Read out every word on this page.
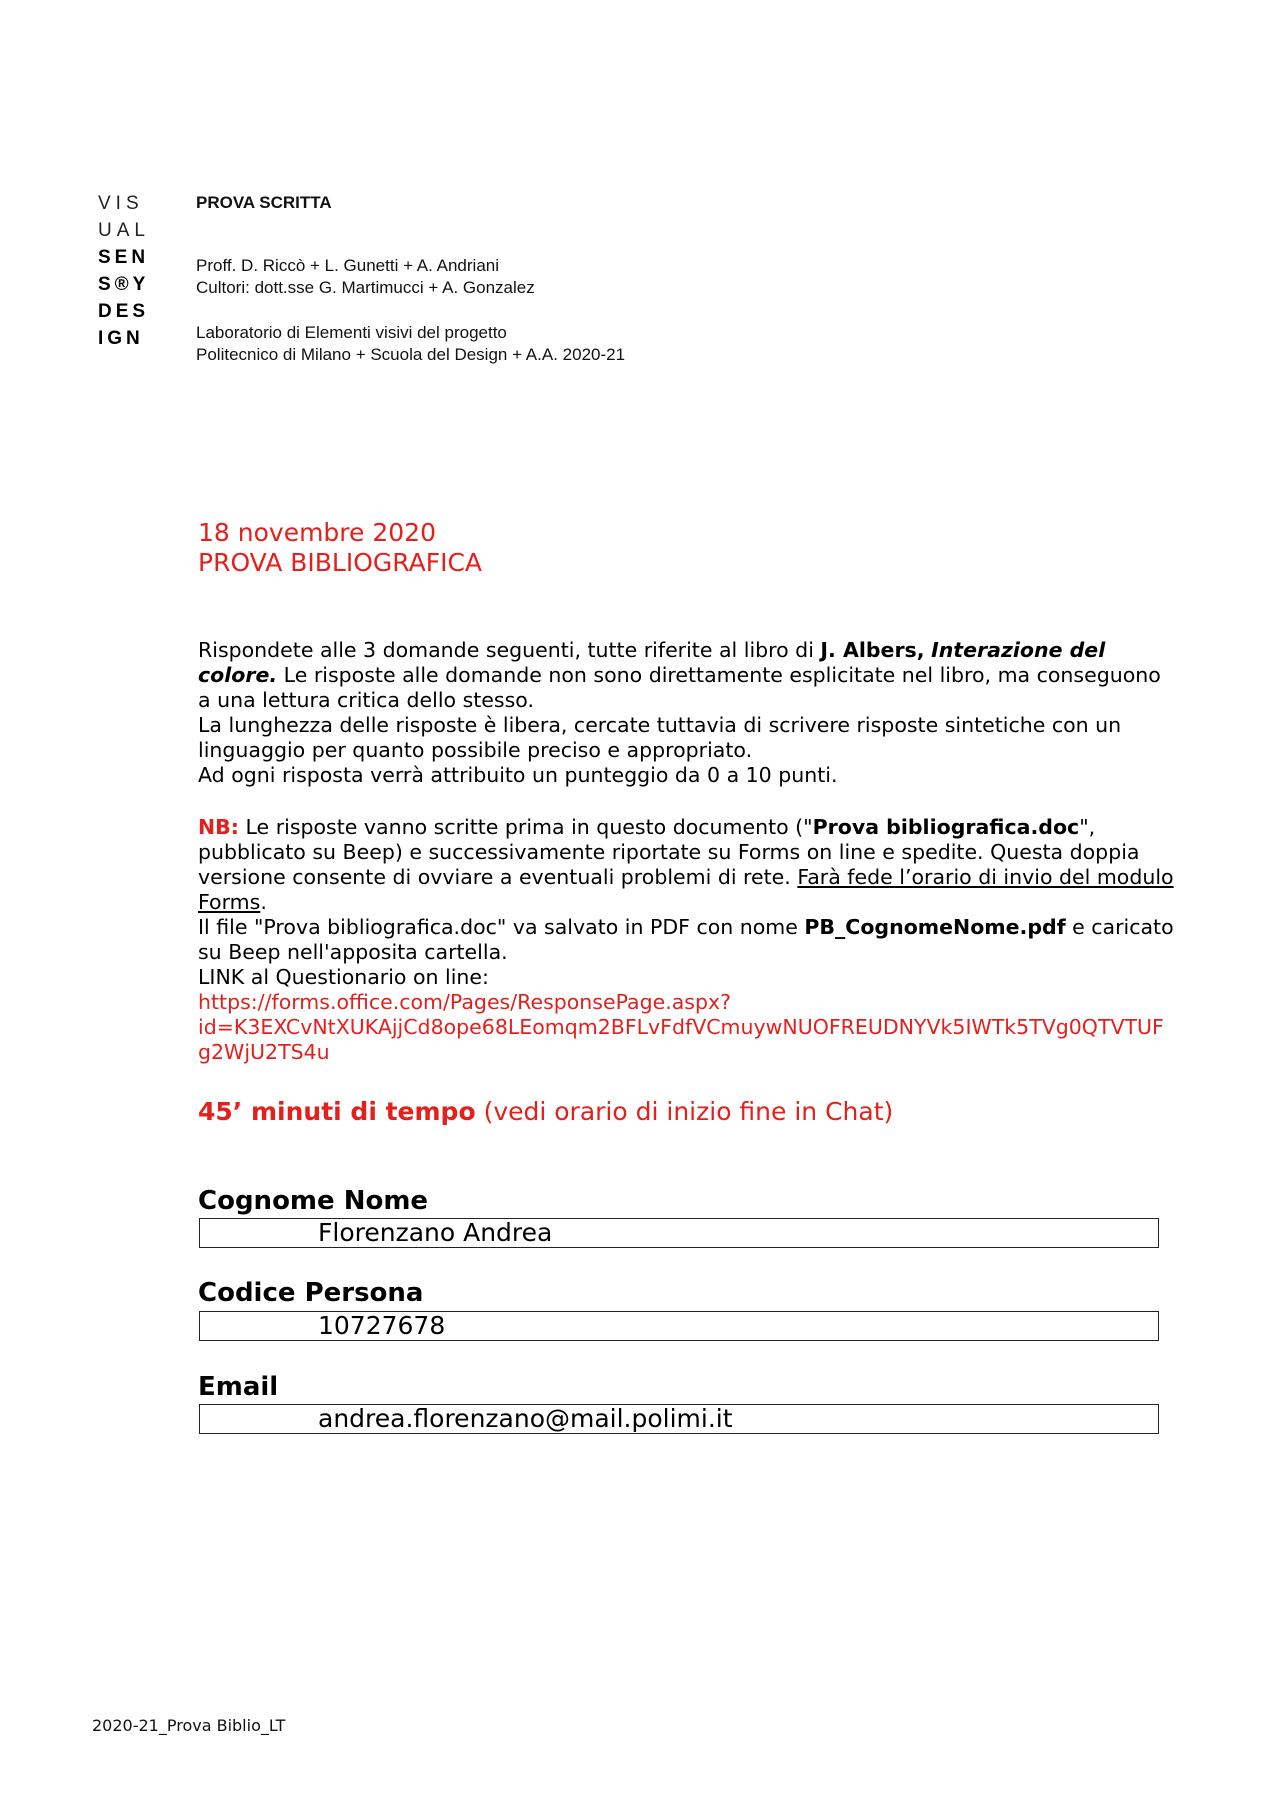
VIS
UAL
SEN
S®Y
DES
IGN
PROVA SCRITTA
Proff. D. Riccò + L. Gunetti + A. Andriani
Cultori: dott.sse G. Martimucci + A. Gonzalez
Laboratorio di Elementi visivi del progetto
Politecnico di Milano + Scuola del Design + A.A. 2020-21
18 novembre 2020
PROVA BIBLIOGRAFICA
Rispondete alle 3 domande seguenti, tutte riferite al libro di J. Albers, Interazione del colore. Le risposte alle domande non sono direttamente esplicitate nel libro, ma conseguono a una lettura critica dello stesso.
La lunghezza delle risposte è libera, cercate tuttavia di scrivere risposte sintetiche con un linguaggio per quanto possibile preciso e appropriato.
Ad ogni risposta verrà attribuito un punteggio da 0 a 10 punti.
NB: Le risposte vanno scritte prima in questo documento ("Prova bibliografica.doc", pubblicato su Beep) e successivamente riportate su Forms on line e spedite. Questa doppia versione consente di ovviare a eventuali problemi di rete. Farà fede l’orario di invio del modulo Forms.
Il file "Prova bibliografica.doc" va salvato in PDF con nome PB_CognomeNome.pdf e caricato su Beep nell'apposita cartella.
LINK al Questionario on line:
https://forms.office.com/Pages/ResponsePage.aspx?
id=K3EXCvNtXUKAjjCd8ope68LEomqm2BFLvFdfVCmuywNUOFREUDNYVk5IWTk5TVg0QTVTUFg2WjU2TS4u
45’ minuti di tempo (vedi orario di inizio fine in Chat)
Cognome Nome
Florenzano Andrea
Codice Persona
10727678
Email
andrea.florenzano@mail.polimi.it
2020-21_Prova Biblio_LT
